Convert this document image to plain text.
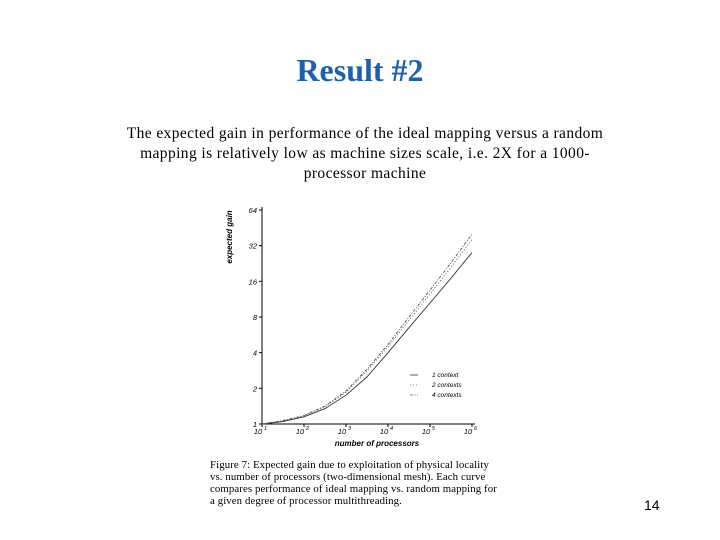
Result #2
The expected gain in performance of the ideal mapping versus a random
mapping is relatively low as machine sizes scale, i.e. 2X for a 1000-
processor machine
1
2
4
8
16
32
64
10 1	10 2	10 3	10 4	10 5	10 6
number of processors
expected gain
1 context
2 contexts
4 contexts
Figure 7: Expected gain due to exploitation of physical locality
vs. number of processors (two-dimensional mesh). Each curve
compares performance of ideal mapping vs. random mapping for
a given degree of processor multithreading.	14
